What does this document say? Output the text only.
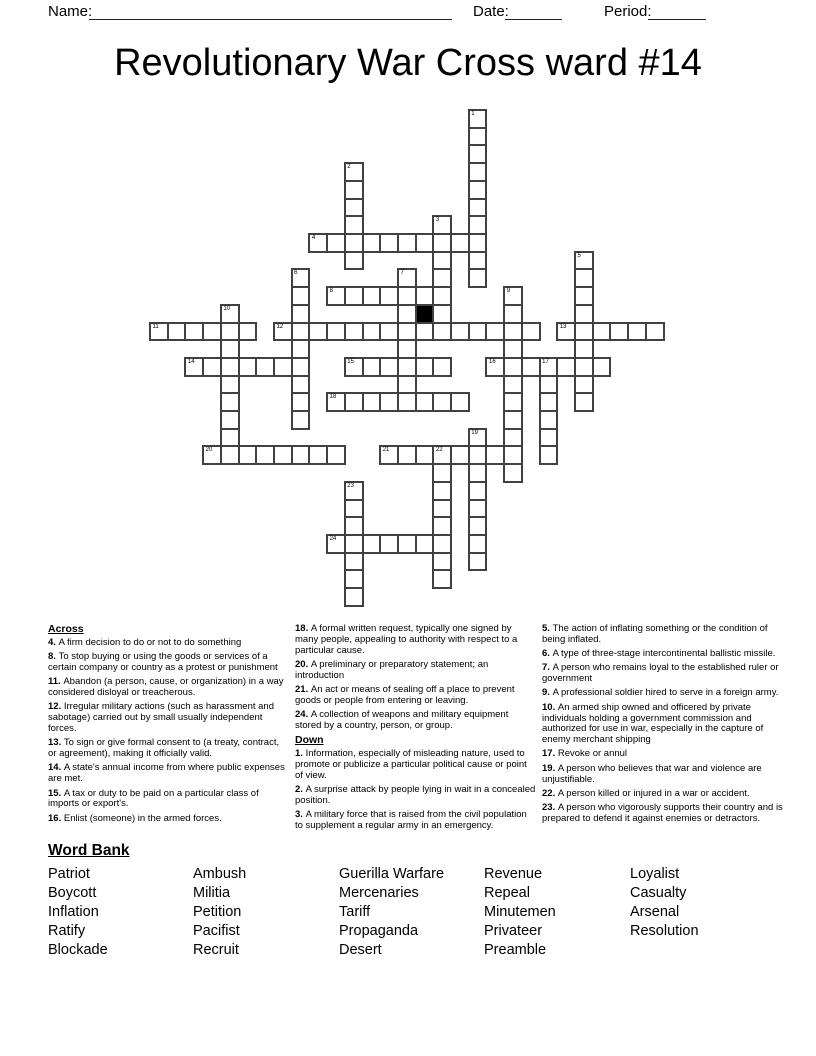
Name:	Date:	Period:
Revolutionary War Cross ward #14
1
2
3
4
5
6	7
8	9
10
11	12	13
14	15	16	17
18
19
20	21	22
23
24
Across

4. A firm decision to do or not to do something

8. To stop buying or using the goods or services of a certain company or country as a protest or punishment

11. Abandon (a person, cause, or organization) in a way considered disloyal or treacherous.

12. Irregular military actions (such as harassment and sabotage) carried out by small usually independent forces.

13. To sign or give formal consent to (a treaty, contract, or agreement), making it officially valid.

14. A state's annual income from where public expenses are met.

15. A tax or duty to be paid on a particular class of imports or export's.

16. Enlist (someone) in the armed forces.

18. A formal written request, typically one signed by many people, appealing to authority with respect to a particular cause.

20. A preliminary or preparatory statement; an introduction

21. An act or means of sealing off a place to prevent goods or people from entering or leaving.

24. A collection of weapons and military equipment stored by a country, person, or group.

Down

1. Information, especially of misleading nature, used to promote or publicize a particular political cause or point of view.

2. A surprise attack by people lying in wait in a concealed position.

3. A military force that is raised from the civil population to supplement a regular army in an emergency.

5. The action of inflating something or the condition of being inflated.

6. A type of three-stage intercontinental ballistic missile.

7. A person who remains loyal to the established ruler or government

9. A professional soldier hired to serve in a foreign army.

10. An armed ship owned and officered by private individuals holding a government commission and authorized for use in war, especially in the capture of enemy merchant shipping

17. Revoke or annul

19. A person who believes that war and violence are unjustifiable.

22. A person killed or injured in a war or accident.

23. A person who vigorously supports their country and is prepared to defend it against enemies or detractors.

Word Bank
Patriot
Boycott
Inflation
Ratify
Blockade
Ambush
Militia
Petition
Pacifist
Recruit
Guerilla Warfare
Mercenaries
Tariff
Propaganda
Desert
Revenue
Repeal
Minutemen
Privateer
Preamble
Loyalist
Casualty
Arsenal
Resolution
